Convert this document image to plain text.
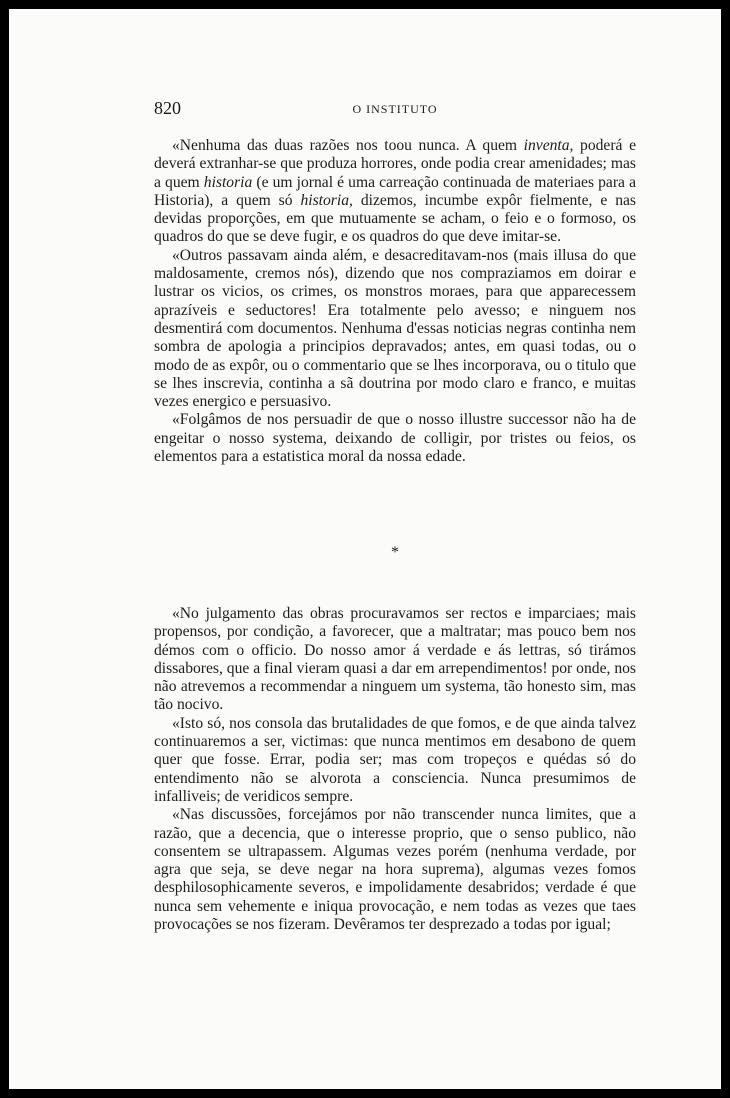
820	O INSTITUTO

«Nenhuma das duas razões nos toou nunca. A quem inventa, poderá e deverá extranhar-se que produza horrores, onde podia crear amenidades; mas a quem historia (e um jornal é uma carreação continuada de materiaes para a Historia), a quem só historia, dizemos, incumbe expôr fielmente, e nas devidas proporções, em que mutuamente se acham, o feio e o formoso, os quadros do que se deve fugir, e os quadros do que deve imitar-se.

«Outros passavam ainda além, e desacreditavam-nos (mais illusa do que maldosamente, cremos nós), dizendo que nos compraziamos em doirar e lustrar os vicios, os crimes, os monstros moraes, para que apparecessem aprazíveis e seductores! Era totalmente pelo avesso; e ninguem nos desmentirá com documentos. Nenhuma d'essas noticias negras continha nem sombra de apologia a principios depravados; antes, em quasi todas, ou o modo de as expôr, ou o commentario que se lhes incorporava, ou o titulo que se lhes inscrevia, continha a sã doutrina por modo claro e franco, e muitas vezes energico e persuasivo.

«Folgâmos de nos persuadir de que o nosso illustre successor não ha de engeitar o nosso systema, deixando de colligir, por tristes ou feios, os elementos para a estatistica moral da nossa edade.

*

«No julgamento das obras procuravamos ser rectos e imparciaes; mais propensos, por condição, a favorecer, que a maltratar; mas pouco bem nos démos com o officio. Do nosso amor á verdade e ás lettras, só tirámos dissabores, que a final vieram quasi a dar em arrependimentos! por onde, nos não atrevemos a recommendar a ninguem um systema, tão honesto sim, mas tão nocivo.

«Isto só, nos consola das brutalidades de que fomos, e de que ainda talvez continuaremos a ser, victimas: que nunca mentimos em desabono de quem quer que fosse. Errar, podia ser; mas com tropeços e quédas só do entendimento não se alvorota a consciencia. Nunca presumimos de infalliveis; de veridicos sempre.

«Nas discussões, forcejámos por não transcender nunca limites, que a razão, que a decencia, que o interesse proprio, que o senso publico, não consentem se ultrapassem. Algumas vezes porém (nenhuma verdade, por agra que seja, se deve negar na hora suprema), algumas vezes fomos desphilosophicamente severos, e impolidamente desabridos; verdade é que nunca sem vehemente e iniqua provocação, e nem todas as vezes que taes provocações se nos fizeram. Devêramos ter desprezado a todas por igual;
